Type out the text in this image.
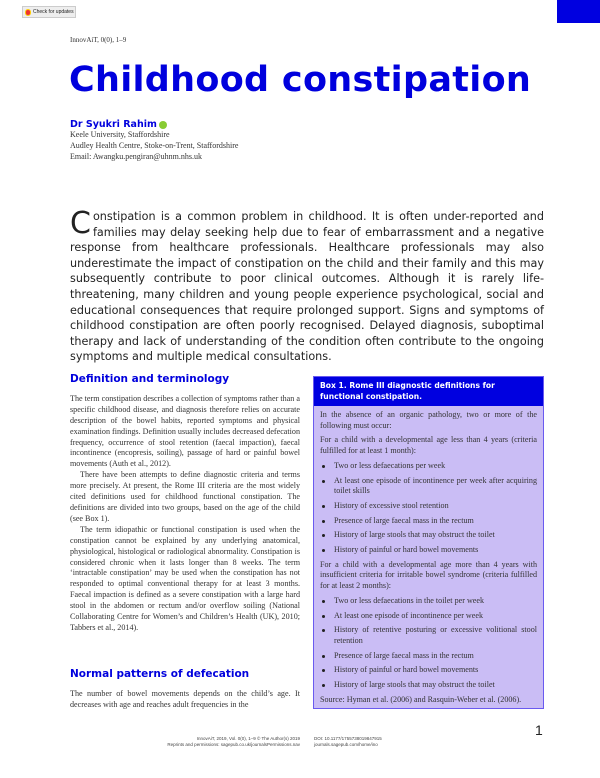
Check for updates
InnovAiT, 0(0), 1–9
Childhood constipation
Dr Syukri Rahim
Keele University, Staffordshire
Audley Health Centre, Stoke-on-Trent, Staffordshire
Email: Awangku.pengiran@uhnm.nhs.uk
Constipation is a common problem in childhood. It is often under-reported and families may delay seeking help due to fear of embarrassment and a negative response from healthcare professionals. Healthcare professionals may also underestimate the impact of constipation on the child and their family and this may subsequently contribute to poor clinical outcomes. Although it is rarely life-threatening, many children and young people experience psychological, social and educational consequences that require prolonged support. Signs and symptoms of childhood constipation are often poorly recognised. Delayed diagnosis, suboptimal therapy and lack of understanding of the condition often contribute to the ongoing symptoms and multiple medical consultations.
Definition and terminology

The term constipation describes a collection of symptoms rather than a specific childhood disease, and diagnosis therefore relies on accurate description of the bowel habits, reported symptoms and physical examination findings. Definition usually includes decreased defecation frequency, occurrence of stool retention (faecal impaction), faecal incontinence (encopresis, soiling), passage of hard or painful bowel movements (Auth et al., 2012).

There have been attempts to define diagnostic criteria and terms more precisely. At present, the Rome III criteria are the most widely cited definitions used for childhood functional constipation. The definitions are divided into two groups, based on the age of the child (see Box 1).

The term idiopathic or functional constipation is used when the constipation cannot be explained by any underlying anatomical, physiological, histological or radiological abnormality. Constipation is considered chronic when it lasts longer than 8 weeks. The term ‘intractable constipation’ may be used when the constipation has not responded to optimal conventional therapy for at least 3 months. Faecal impaction is defined as a severe constipation with a large hard stool in the abdomen or rectum and/or overflow soiling (National Collaborating Centre for Women’s and Children’s Health (UK), 2010; Tabbers et al., 2014).

Normal patterns of defecation

The number of bowel movements depends on the child’s age. It decreases with age and reaches adult frequencies in the

Box 1. Rome III diagnostic definitions for functional constipation.

In the absence of an organic pathology, two or more of the following must occur:

For a child with a developmental age less than 4 years (criteria fulfilled for at least 1 month):

Two or less defaecations per week
At least one episode of incontinence per week after acquiring toilet skills
History of excessive stool retention
Presence of large faecal mass in the rectum
History of large stools that may obstruct the toilet
History of painful or hard bowel movements

For a child with a developmental age more than 4 years with insufficient criteria for irritable bowel syndrome (criteria fulfilled for at least 2 months):

Two or less defaecations in the toilet per week
At least one episode of incontinence per week
History of retentive posturing or excessive volitional stool retention
Presence of large faecal mass in the rectum
History of painful or hard bowel movements
History of large stools that may obstruct the toilet

Source: Hyman et al. (2006) and Rasquin-Weber et al. (2006).

InnovAiT, 2019, Vol. 0(0), 1–9 © The Author(s) 2019
Reprints and permissions: sagepub.co.uk/journalsPermissions.nav
DOI: 10.1177/1755738019847915
journals.sagepub.com/home/ino
1
